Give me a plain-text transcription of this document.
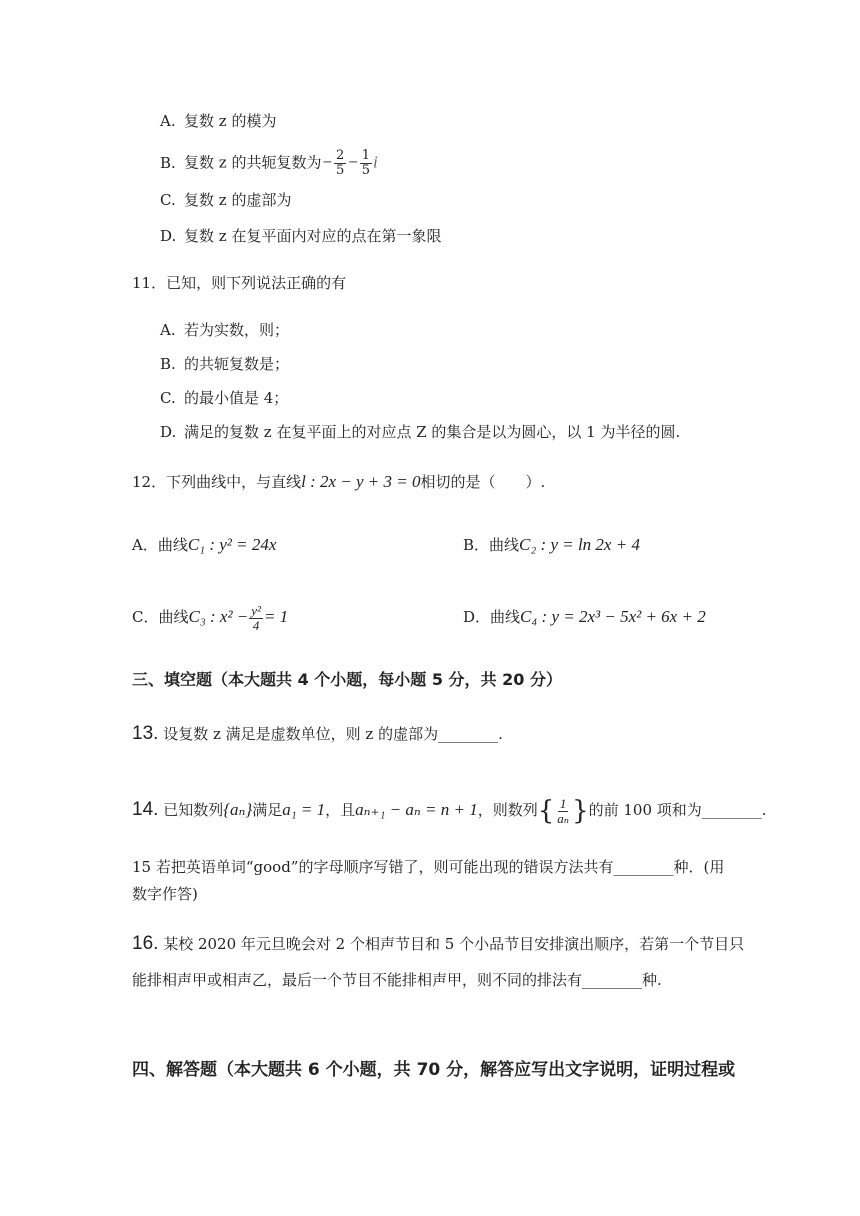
A. 复数 z 的模为
B. 复数 z 的共轭复数为− $\frac{2}{5} - \frac{1}{5}$ i
C. 复数 z 的虚部为
D. 复数 z 在复平面内对应的点在第一象限
11．已知，则下列说法正确的有
A. 若为实数，则；
B. 的共轭复数是；
C. 的最小值是 4；
D. 满足的复数 z 在复平面上的对应点 Z 的集合是以为圆心，以 1 为半径的圆.
12．下列曲线中，与直线l : 2x − y + 3 = 0相切的是（　　）.
A．曲线C₁ : y² = 24x	B．曲线C₂ : y = ln 2x + 4
C．曲线C₃ : $x^2 - \frac{\text{y²}}{4} = 1$	D．曲线C₄ : y = 2x³ − 5x² + 6x + 2
三、填空题（本大题共 4 个小题，每小题 5 分，共 20 分）
13. 设复数 z 满足是虚数单位，则 z 的虚部为________.
14. 已知数列{aₙ}满足a₁ = 1，且aₙ₊₁ − aₙ = n + 1，则数列{ $\frac{1}{\text{aₙ}}$ }的前 100 项和为________.
15 若把英语单词“good”的字母顺序写错了，则可能出现的错误方法共有________种．(用
数字作答)
16. 某校 2020 年元旦晚会对 2 个相声节目和 5 个小品节目安排演出顺序，若第一个节目只
能排相声甲或相声乙，最后一个节目不能排相声甲，则不同的排法有________种.
四、解答题（本大题共 6 个小题，共 70 分，解答应写出文字说明，证明过程或
